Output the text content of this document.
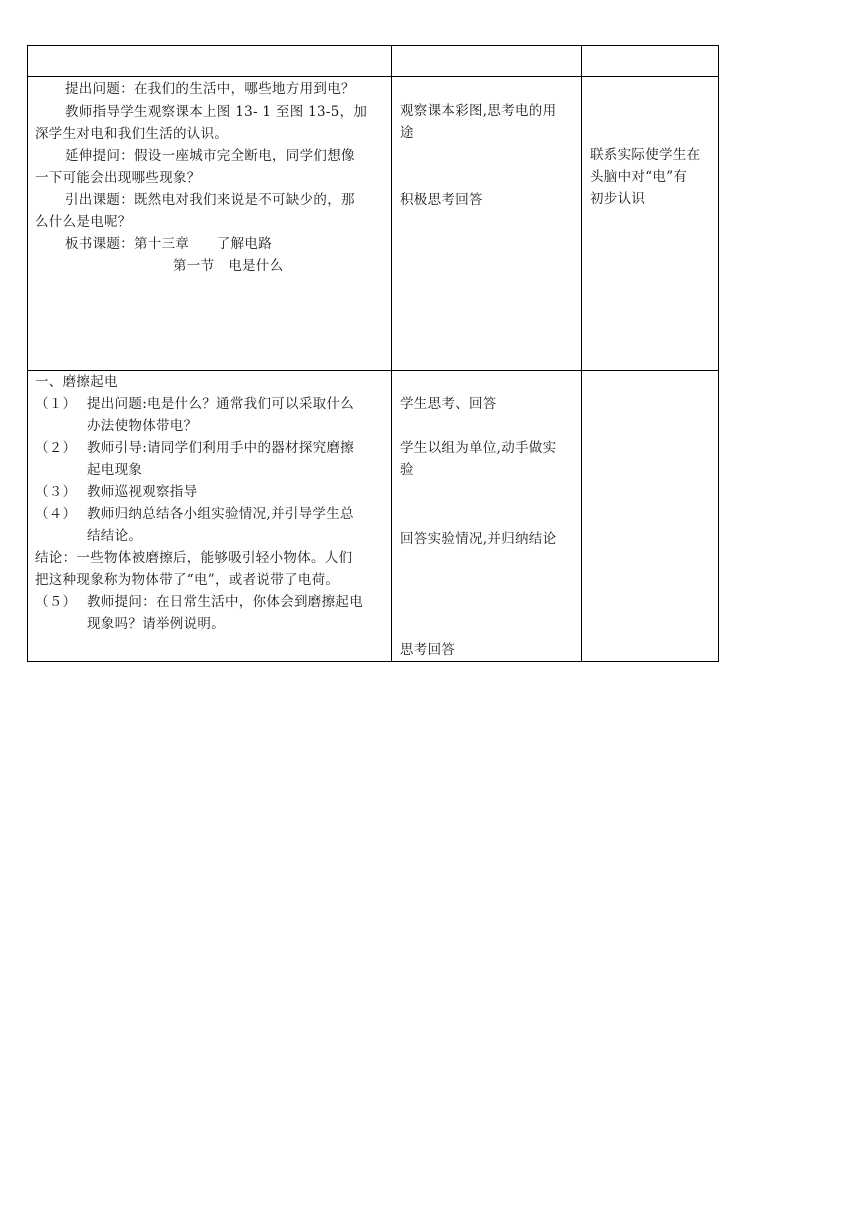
提出问题：在我们的生活中，哪些地方用到电？
教师指导学生观察课本上图 13- 1 至图 13-5，加
深学生对电和我们生活的认识。
延伸提问：假设一座城市完全断电，同学们想像
一下可能会出现哪些现象？
引出课题：既然电对我们来说是不可缺少的，那
么什么是电呢？
板书课题：第十三章　　了解电路
第一节　电是什么
观察课本彩图,思考电的用
途
积极思考回答
联系实际使学生在
头脑中对“电”有
初步认识
一、磨擦起电
（１） 提出问题:电是什么？通常我们可以采取什么
办法使物体带电？
（２） 教师引导:请同学们利用手中的器材探究磨擦
起电现象
（３） 教师巡视观察指导
（４） 教师归纳总结各小组实验情况,并引导学生总
结结论。
结论：一些物体被磨擦后，能够吸引轻小物体。人们
把这种现象称为物体带了“电”，或者说带了电荷。
（５） 教师提问：在日常生活中，你体会到磨擦起电
现象吗？请举例说明。
学生思考、回答
学生以组为单位,动手做实
验
回答实验情况,并归纳结论
思考回答
